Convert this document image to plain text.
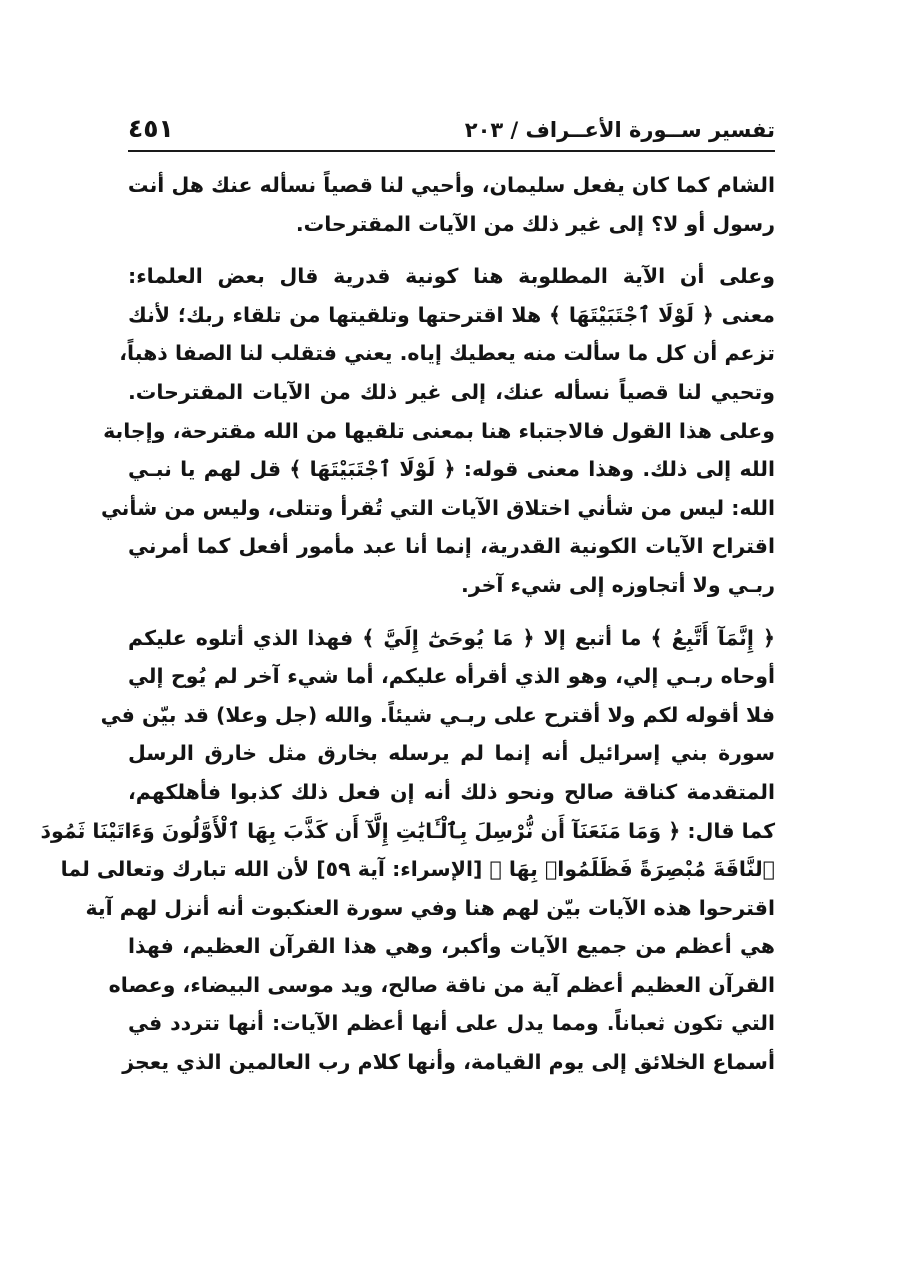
تفسير ســورة الأعــراف / ٢٠٣
٤٥١
الشام كما كان يفعل سليمان، وأحيي لنا قصياً نسأله عنك هل أنت
رسول أو لا؟ إلى غير ذلك من الآيات المقترحات.
وعلى أن الآية المطلوبة هنا كونية قدرية قال بعض العلماء:
معنى ﴿ لَوْلَا ٱجْتَبَيْتَهَا ﴾ هلا اقترحتها وتلقيتها من تلقاء ربك؛ لأنك
تزعم أن كل ما سألت منه يعطيك إياه. يعني فتقلب لنا الصفا ذهباً،
وتحيي لنا قصياً نسأله عنك، إلى غير ذلك من الآيات المقترحات.
وعلى هذا القول فالاجتباء هنا بمعنى تلقيها من الله مقترحة، وإجابة
الله إلى ذلك. وهذا معنى قوله: ﴿ لَوْلَا ٱجْتَبَيْتَهَا ﴾ قل لهم يا نبـي
الله: ليس من شأني اختلاق الآيات التي تُقرأ وتتلى، وليس من شأني
اقتراح الآيات الكونية القدرية، إنما أنا عبد مأمور أفعل كما أمرني
ربـي ولا أتجاوزه إلى شيء آخر.
﴿ إِنَّمَآ أَتَّبِعُ ﴾ ما أتبع إلا ﴿ مَا يُوحَىٰٓ إِلَيَّ ﴾ فهذا الذي أتلوه عليكم
أوحاه ربـي إلي، وهو الذي أقرأه عليكم، أما شيء آخر لم يُوح إلي
فلا أقوله لكم ولا أقترح على ربـي شيئاً. والله (جل وعلا) قد بيّن في
سورة بني إسرائيل أنه إنما لم يرسله بخارق مثل خارق الرسل
المتقدمة كناقة صالح ونحو ذلك أنه إن فعل ذلك كذبوا فأهلكهم،
كما قال: ﴿ وَمَا مَنَعَنَآ أَن نُّرْسِلَ بِٱلْـَٔايَٰتِ إِلَّآ أَن كَذَّبَ بِهَا ٱلْأَوَّلُونَ وَءَاتَيْنَا ثَمُودَ
ٱلنَّاقَةَ مُبْصِرَةً فَظَلَمُوا۟ بِهَا ﴾ [الإسراء: آية ٥٩] لأن الله تبارك وتعالى لما
اقترحوا هذه الآيات بيّن لهم هنا وفي سورة العنكبوت أنه أنزل لهم آية
هي أعظم من جميع الآيات وأكبر، وهي هذا القرآن العظيم، فهذا
القرآن العظيم أعظم آية من ناقة صالح، ويد موسى البيضاء، وعصاه
التي تكون ثعباناً. ومما يدل على أنها أعظم الآيات: أنها تتردد في
أسماع الخلائق إلى يوم القيامة، وأنها كلام رب العالمين الذي يعجز
